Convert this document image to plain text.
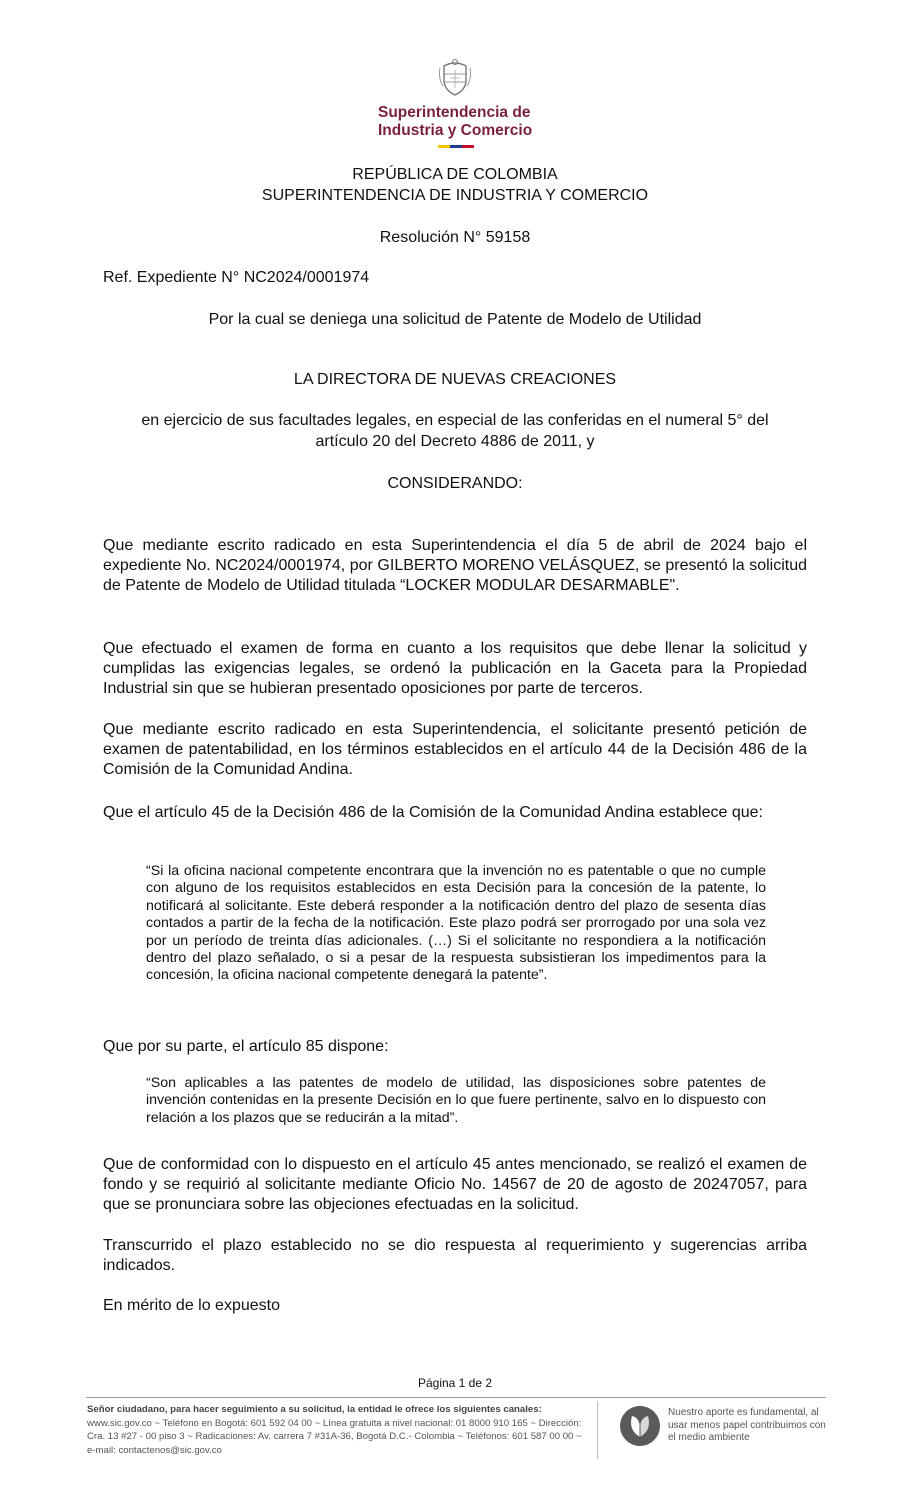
Superintendencia de
Industria y Comercio
REPÚBLICA DE COLOMBIA
SUPERINTENDENCIA DE INDUSTRIA Y COMERCIO
Resolución N° 59158
Ref. Expediente N° NC2024/0001974
Por la cual se deniega una solicitud de Patente de Modelo de Utilidad
LA DIRECTORA DE NUEVAS CREACIONES
en ejercicio de sus facultades legales, en especial de las conferidas en el numeral 5° del
artículo 20 del Decreto 4886 de 2011, y
CONSIDERANDO:
Que mediante escrito radicado en esta Superintendencia el día 5 de abril de 2024 bajo el expediente No. NC2024/0001974, por GILBERTO MORENO VELÁSQUEZ, se presentó la solicitud de Patente de Modelo de Utilidad titulada “LOCKER MODULAR DESARMABLE".
Que efectuado el examen de forma en cuanto a los requisitos que debe llenar la solicitud y cumplidas las exigencias legales, se ordenó la publicación en la Gaceta para la Propiedad Industrial sin que se hubieran presentado oposiciones por parte de terceros.
Que mediante escrito radicado en esta Superintendencia, el solicitante presentó petición de examen de patentabilidad, en los términos establecidos en el artículo 44 de la Decisión 486 de la Comisión de la Comunidad Andina.
Que el artículo 45 de la Decisión 486 de la Comisión de la Comunidad Andina establece que:
“Si la oficina nacional competente encontrara que la invención no es patentable o que no cumple con alguno de los requisitos establecidos en esta Decisión para la concesión de la patente, lo notificará al solicitante. Este deberá responder a la notificación dentro del plazo de sesenta días contados a partir de la fecha de la notificación. Este plazo podrá ser prorrogado por una sola vez por un período de treinta días adicionales. (…) Si el solicitante no respondiera a la notificación dentro del plazo señalado, o si a pesar de la respuesta subsistieran los impedimentos para la concesión, la oficina nacional competente denegará la patente”.
Que por su parte, el artículo 85 dispone:
“Son aplicables a las patentes de modelo de utilidad, las disposiciones sobre patentes de invención contenidas en la presente Decisión en lo que fuere pertinente, salvo en lo dispuesto con relación a los plazos que se reducirán a la mitad”.
Que de conformidad con lo dispuesto en el artículo 45 antes mencionado, se realizó el examen de fondo y se requirió al solicitante mediante Oficio No. 14567 de 20 de agosto de 20247057, para que se pronunciara sobre las objeciones efectuadas en la solicitud.
Transcurrido el plazo establecido no se dio respuesta al requerimiento y sugerencias arriba indicados.
En mérito de lo expuesto
Página 1 de 2
Señor ciudadano, para hacer seguimiento a su solicitud, la entidad le ofrece los siguientes canales: www.sic.gov.co ~ Teléfono en Bogotá: 601 592 04 00 ~ Línea gratuita a nivel nacional: 01 8000 910 165 ~ Dirección: Cra. 13 #27 - 00 piso 3 ~ Radicaciones: Av. carrera 7 #31A-36, Bogotá D.C.- Colombia ~ Teléfonos: 601 587 00 00 ~ e-mail: contactenos@sic.gov.co
Nuestro aporte es fundamental, al usar menos papel contribuimos con el medio ambiente
